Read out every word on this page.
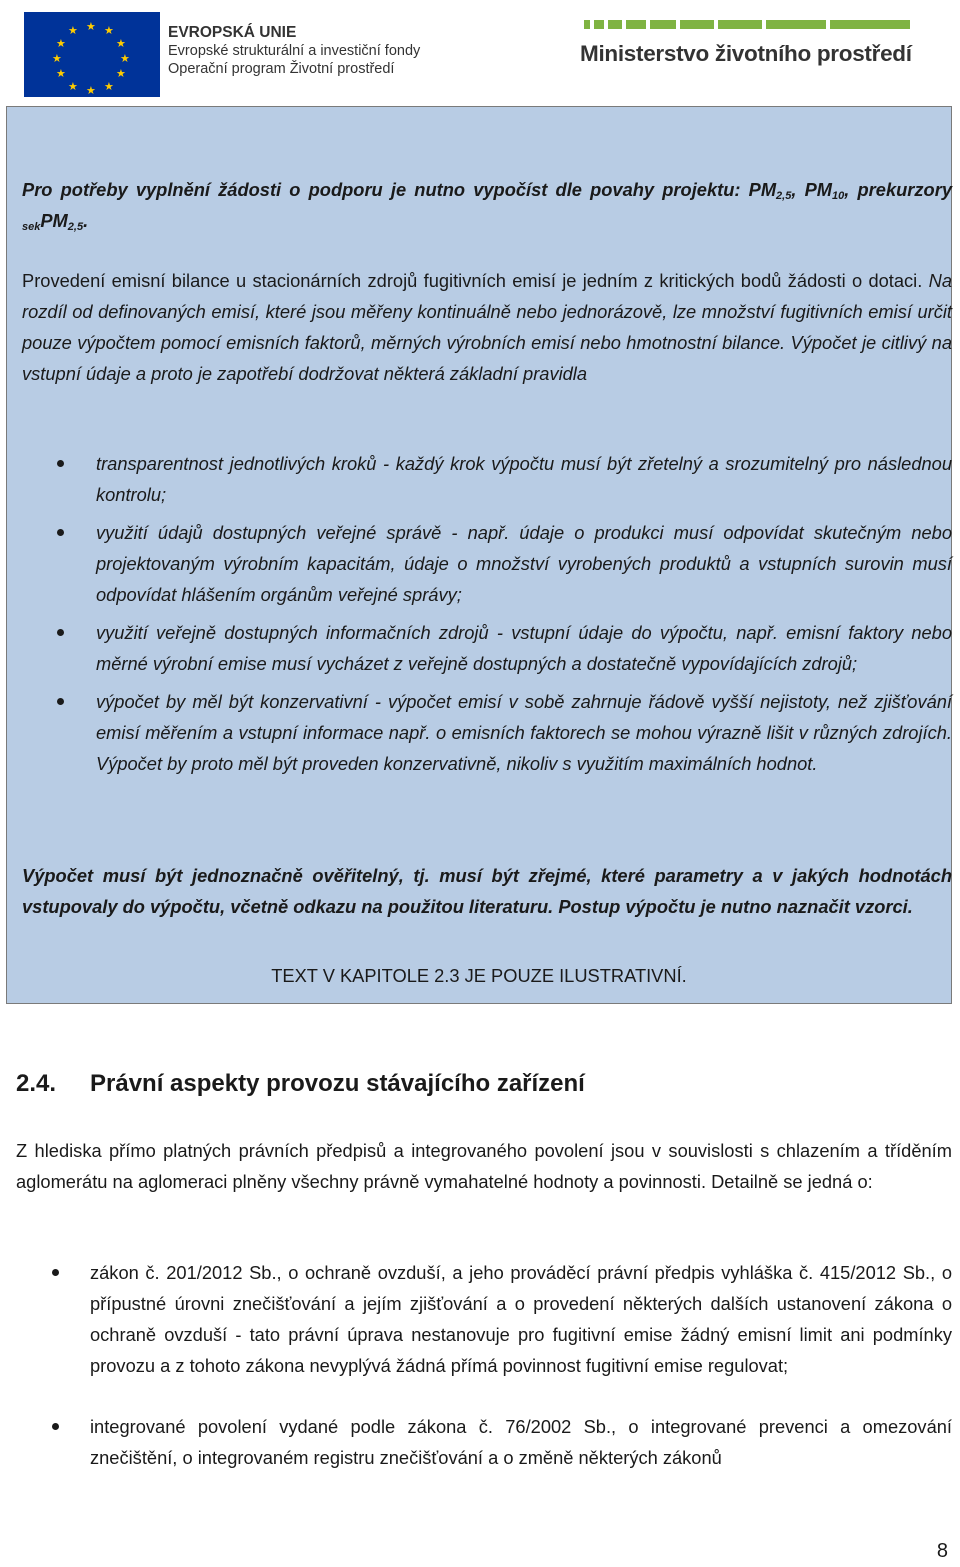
★ ★
★
★
★
★
★
★
★
★
★
★	EVROPSKÁ UNIE
Evropské strukturální a investiční fondy
Operační program Životní prostředí
Ministerstvo životního prostředí

Pro potřeby vyplnění žádosti o podporu je nutno vypočíst dle povahy projektu: $PM_{2,5}$, $PM_{10}$, prekurzory $_{sek}PM_{2,5}$.

Provedení emisní bilance u stacionárních zdrojů fugitivních emisí je jedním z kritických bodů žádosti o dotaci. Na rozdíl od definovaných emisí, které jsou měřeny kontinuálně nebo jednorázově, lze množství fugitivních emisí určit pouze výpočtem pomocí emisních faktorů, měrných výrobních emisí nebo hmotnostní bilance. Výpočet je citlivý na vstupní údaje a proto je zapotřebí dodržovat některá základní pravidla

transparentnost jednotlivých kroků - každý krok výpočtu musí být zřetelný a srozumitelný pro následnou kontrolu;
využití údajů dostupných veřejné správě - např. údaje o produkci musí odpovídat skutečným nebo projektovaným výrobním kapacitám, údaje o množství vyrobených produktů a vstupních surovin musí odpovídat hlášením orgánům veřejné správy;
využití veřejně dostupných informačních zdrojů - vstupní údaje do výpočtu, např. emisní faktory nebo měrné výrobní emise musí vycházet z veřejně dostupných a dostatečně vypovídajících zdrojů;
výpočet by měl být konzervativní - výpočet emisí v sobě zahrnuje řádově vyšší nejistoty, než zjišťování emisí měřením a vstupní informace např. o emisních faktorech se mohou výrazně lišit v různých zdrojích. Výpočet by proto měl být proveden konzervativně, nikoliv s využitím maximálních hodnot.

Výpočet musí být jednoznačně ověřitelný, tj. musí být zřejmé, které parametry a v jakých hodnotách vstupovaly do výpočtu, včetně odkazu na použitou literaturu. Postup výpočtu je nutno naznačit vzorci.

TEXT V KAPITOLE 2.3 JE POUZE ILUSTRATIVNÍ.
2.4. Právní aspekty provozu stávajícího zařízení

Z hlediska přímo platných právních předpisů a integrovaného povolení jsou v souvislosti s chlazením a tříděním aglomerátu na aglomeraci plněny všechny právně vymahatelné hodnoty a povinnosti. Detailně se jedná o:

zákon č. 201/2012 Sb., o ochraně ovzduší, a jeho prováděcí právní předpis vyhláška č. 415/2012 Sb., o přípustné úrovni znečišťování a jejím zjišťování a o provedení některých dalších ustanovení zákona o ochraně ovzduší - tato právní úprava nestanovuje pro fugitivní emise žádný emisní limit ani podmínky provozu a z tohoto zákona nevyplývá žádná přímá povinnost fugitivní emise regulovat;
integrované povolení vydané podle zákona č. 76/2002 Sb., o integrované prevenci a omezování znečištění, o integrovaném registru znečišťování a o změně některých zákonů
8
